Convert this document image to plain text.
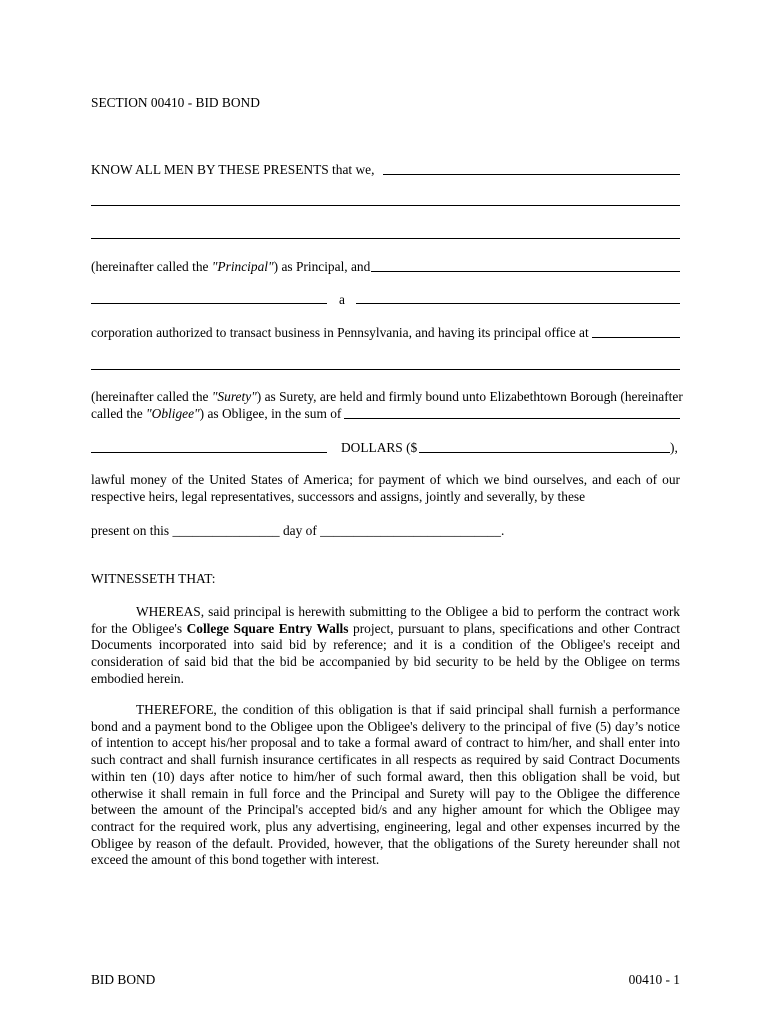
SECTION 00410 - BID BOND
KNOW ALL MEN BY THESE PRESENTS that we,
(hereinafter called the "Principal") as Principal, and
a
corporation authorized to transact business in Pennsylvania, and having its principal office at
(hereinafter called the "Surety") as Surety, are held and firmly bound unto Elizabethtown Borough (hereinafter
called the "Obligee") as Obligee, in the sum of
DOLLARS ($	),
lawful money of the United States of America; for payment of which we bind ourselves, and each of our respective heirs, legal representatives, successors and assigns, jointly and severally, by these
present on this ________________ day of ___________________________.
WITNESSETH THAT:
WHEREAS, said principal is herewith submitting to the Obligee a bid to perform the contract work for the Obligee's College Square Entry Walls project, pursuant to plans, specifications and other Contract Documents incorporated into said bid by reference; and it is a condition of the Obligee's receipt and consideration of said bid that the bid be accompanied by bid security to be held by the Obligee on terms embodied herein.
THEREFORE, the condition of this obligation is that if said principal shall furnish a performance bond and a payment bond to the Obligee upon the Obligee's delivery to the principal of five (5) day’s notice of intention to accept his/her proposal and to take a formal award of contract to him/her, and shall enter into such contract and shall furnish insurance certificates in all respects as required by said Contract Documents within ten (10) days after notice to him/her of such formal award, then this obligation shall be void, but otherwise it shall remain in full force and the Principal and Surety will pay to the Obligee the difference between the amount of the Principal's accepted bid/s and any higher amount for which the Obligee may contract for the required work, plus any advertising, engineering, legal and other expenses incurred by the Obligee by reason of the default. Provided, however, that the obligations of the Surety hereunder shall not exceed the amount of this bond together with interest.
BID BOND	00410 - 1
